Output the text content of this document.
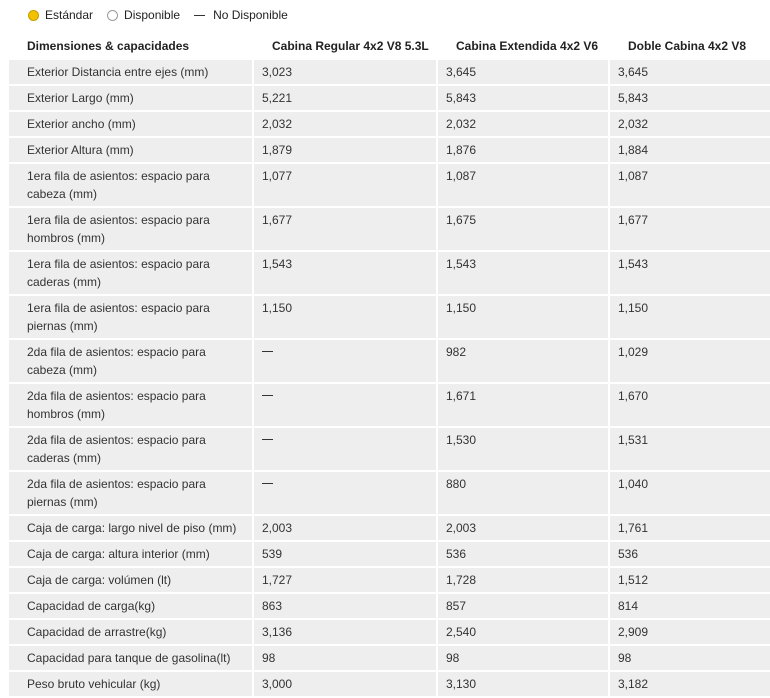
Estándar	Disponible	No Disponible
Dimensiones & capacidades	Cabina Regular 4x2 V8 5.3L	Cabina Extendida 4x2 V6	Doble Cabina 4x2 V8
Exterior Distancia entre ejes (mm)	3,023	3,645	3,645
Exterior Largo (mm)	5,221	5,843	5,843
Exterior ancho (mm)	2,032	2,032	2,032
Exterior Altura (mm)	1,879	1,876	1,884
1era fila de asientos: espacio para cabeza (mm)	1,077	1,087	1,087
1era fila de asientos: espacio para hombros (mm)	1,677	1,675	1,677
1era fila de asientos: espacio para caderas (mm)	1,543	1,543	1,543
1era fila de asientos: espacio para piernas (mm)	1,150	1,150	1,150
2da fila de asientos: espacio para cabeza (mm)		982	1,029
2da fila de asientos: espacio para hombros (mm)		1,671	1,670
2da fila de asientos: espacio para caderas (mm)		1,530	1,531
2da fila de asientos: espacio para piernas (mm)		880	1,040
Caja de carga: largo nivel de piso (mm)	2,003	2,003	1,761
Caja de carga: altura interior (mm)	539	536	536
Caja de carga: volúmen (lt)	1,727	1,728	1,512
Capacidad de carga(kg)	863	857	814
Capacidad de arrastre(kg)	3,136	2,540	2,909
Capacidad para tanque de gasolina(lt)	98	98	98
Peso bruto vehicular (kg)	3,000	3,130	3,182
